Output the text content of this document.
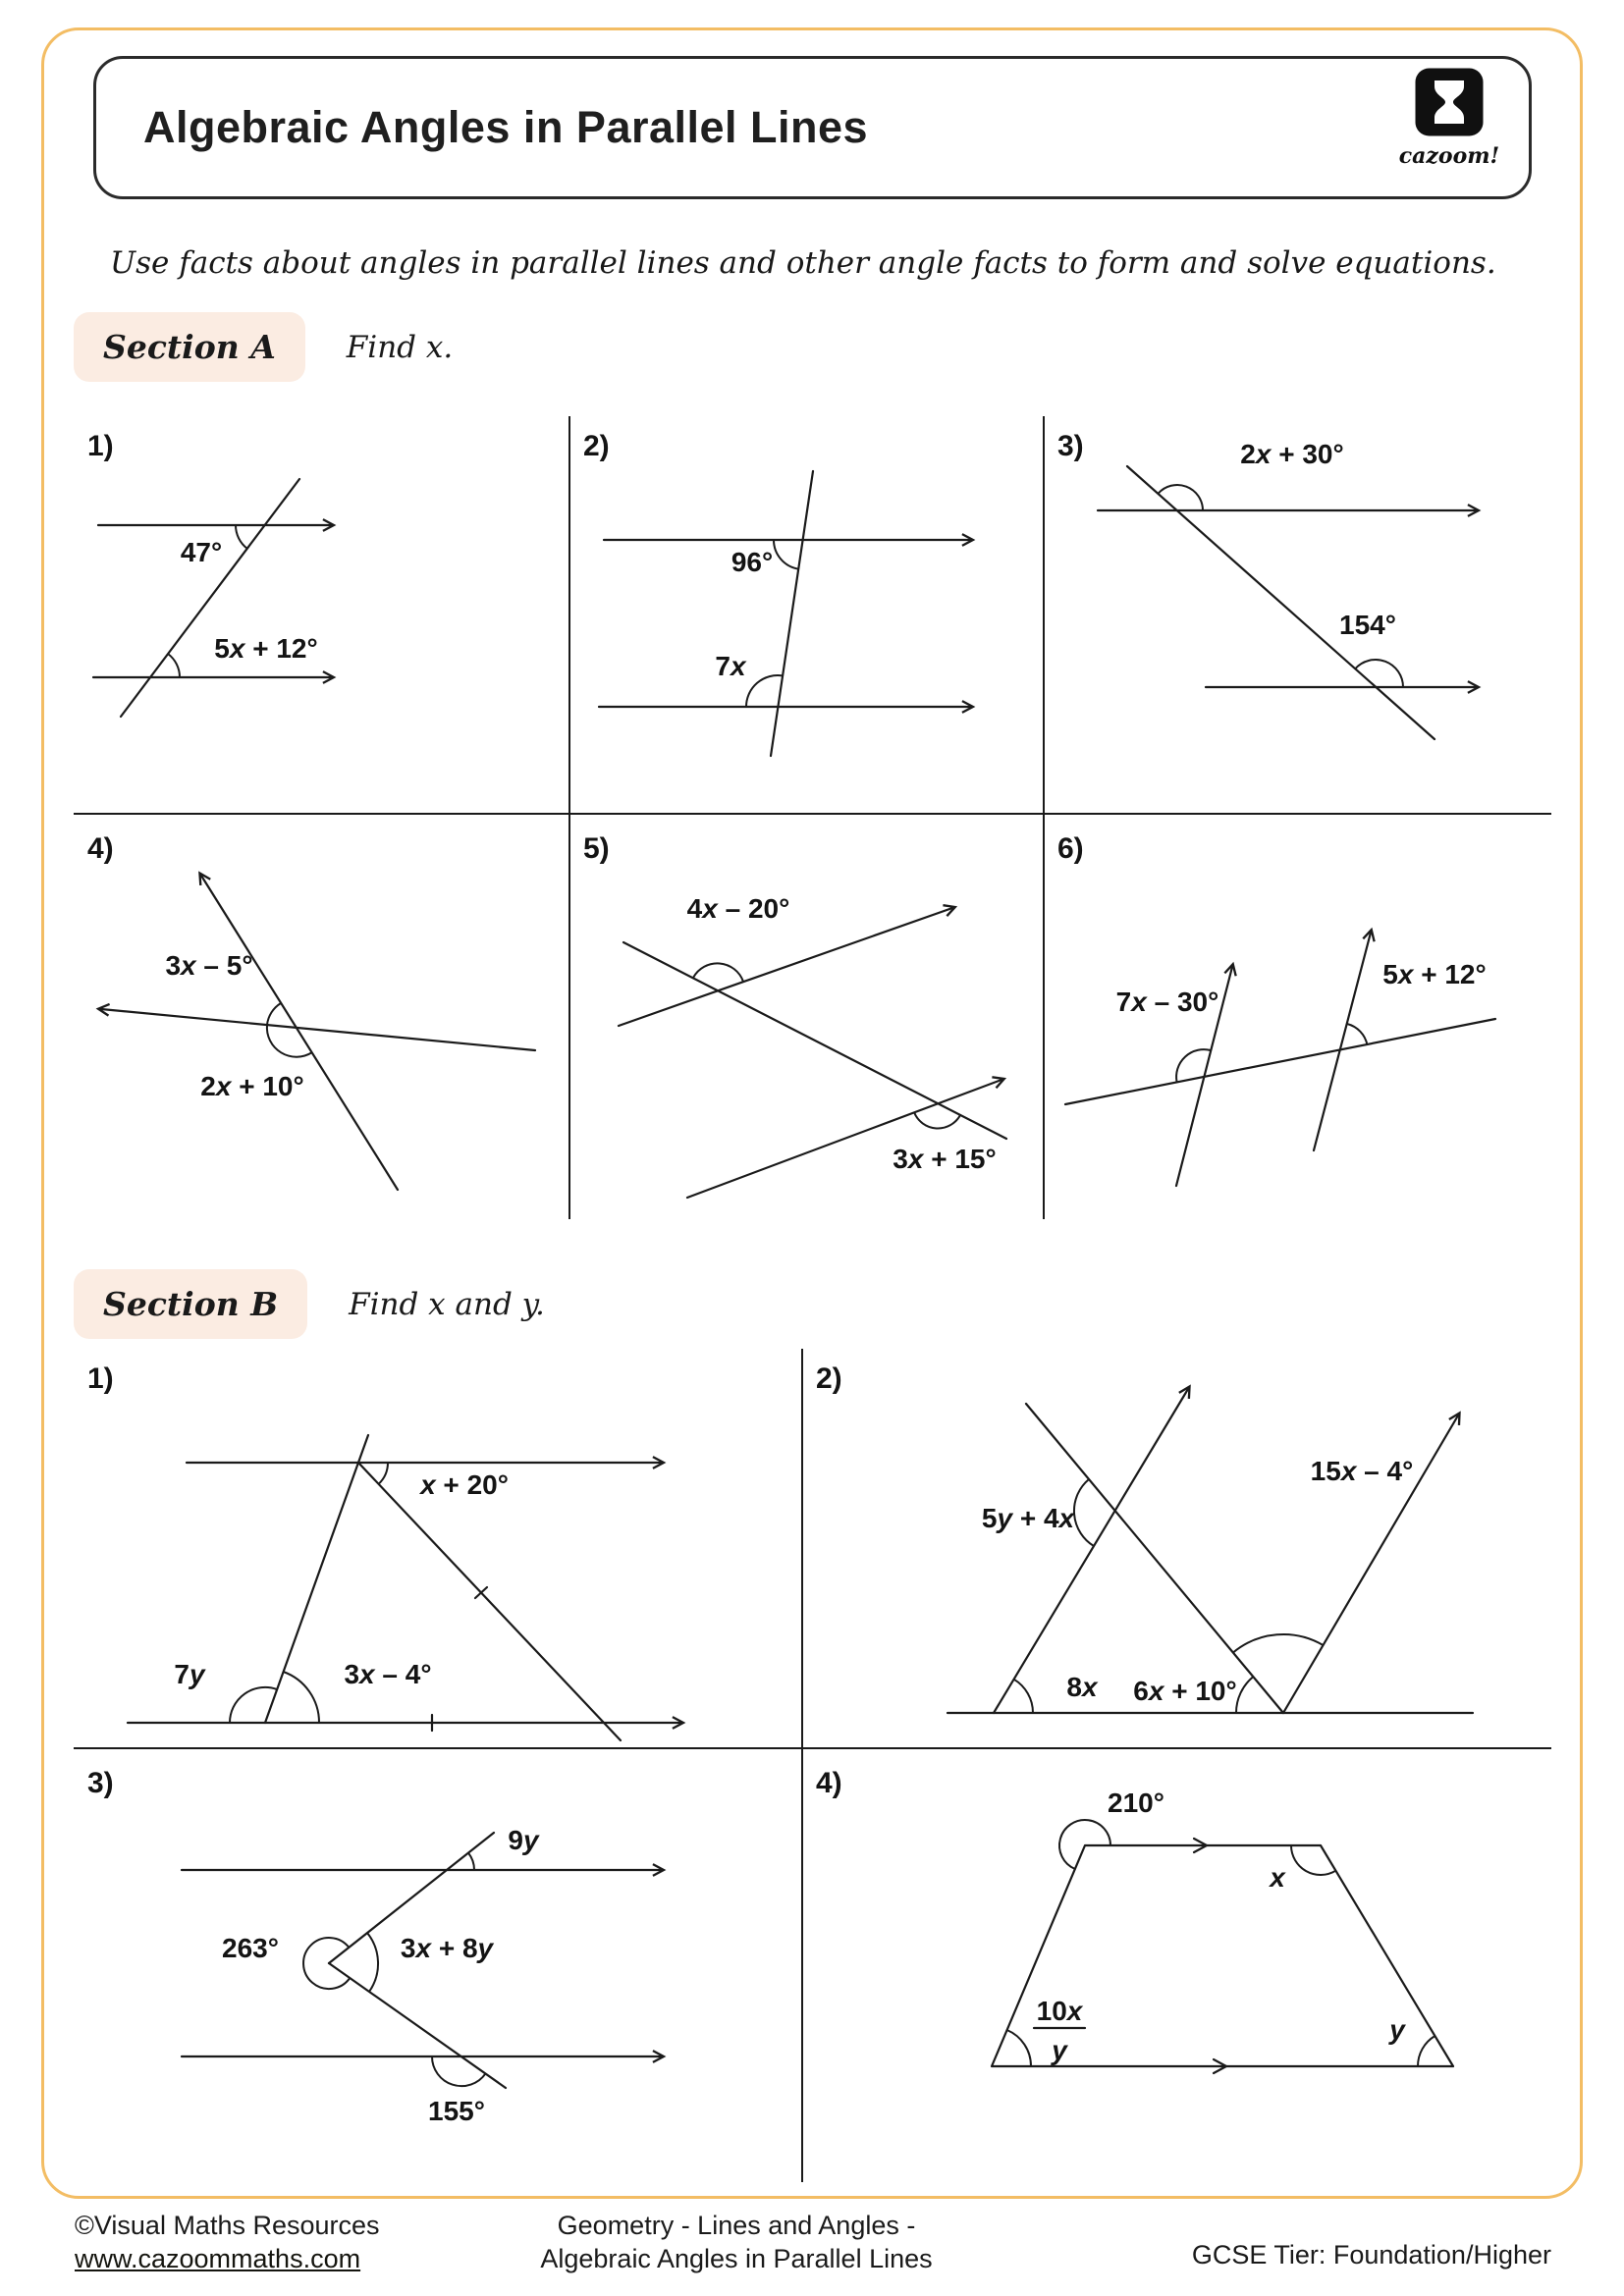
Algebraic Angles in Parallel Lines
cazoom!
Use facts about angles in parallel lines and other angle facts to form and solve equations.
Section A	Find x.
1)
47°
5x + 12°
2)
96°
7x
3)	2x + 30°
154°
4)
3x – 5°
2x + 10°
5)
4x – 20°
3x + 15°
6)
7x – 30°
5x + 12°
Section B	Find x and y.
1)
x + 20°
7y	3x – 4°
2)
5y + 4x
15x – 4°
8x 6x + 10°
3)
9y
263°	3x + 8y
155°
4)
210°
x
10x
y
y
©Visual Maths Resources
www.cazoommaths.com
Geometry - Lines and Angles -
Algebraic Angles in Parallel Lines	GCSE Tier: Foundation/Higher
